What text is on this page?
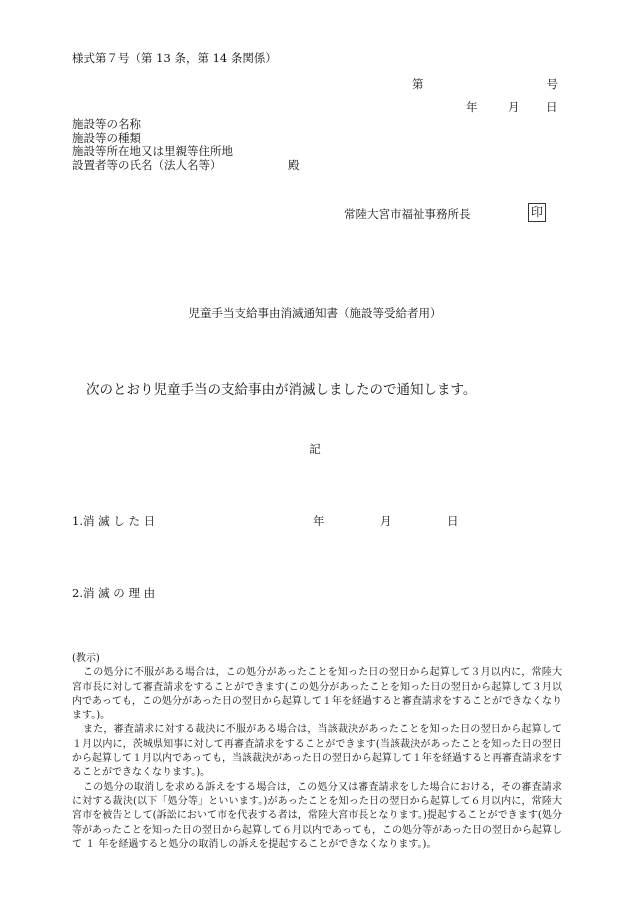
様式第７号（第 13 条，第 14 条関係）
第	号
年	月 日
施設等の名称
施設等の種類
施設等所在地又は里親等住所地
設置者等の氏名（法人名等）	殿
常陸大宮市福祉事務所長	印
児童手当支給事由消滅通知書（施設等受給者用）
次のとおり児童手当の支給事由が消滅しましたので通知します。
記
1.消 滅 し た 日	年	月	日
2.消 滅 の 理 由
(教示)

この処分に不服がある場合は，この処分があったことを知った日の翌日から起算して３月以内に，常陸大宮市長に対して審査請求をすることができます(この処分があったことを知った日の翌日から起算して３月以内であっても，この処分があった日の翌日から起算して１年を経過すると審査請求をすることができなくなります。)。

また，審査請求に対する裁決に不服がある場合は，当該裁決があったことを知った日の翌日から起算して１月以内に，茨城県知事に対して再審査請求をすることができます(当該裁決があったことを知った日の翌日から起算して１月以内であっても，当該裁決があった日の翌日から起算して１年を経過すると再審査請求をすることができなくなります。)。

この処分の取消しを求める訴えをする場合は，この処分又は審査請求をした場合における，その審査請求に対する裁決(以下「処分等」といいます。)があったことを知った日の翌日から起算して６月以内に，常陸大宮市を被告として(訴訟において市を代表する者は，常陸大宮市長となります。)提起することができます(処分等があったことを知った日の翌日から起算して６月以内であっても，この処分等があった日の翌日から起算して １ 年を経過すると処分の取消しの訴えを提起することができなくなります。)。
